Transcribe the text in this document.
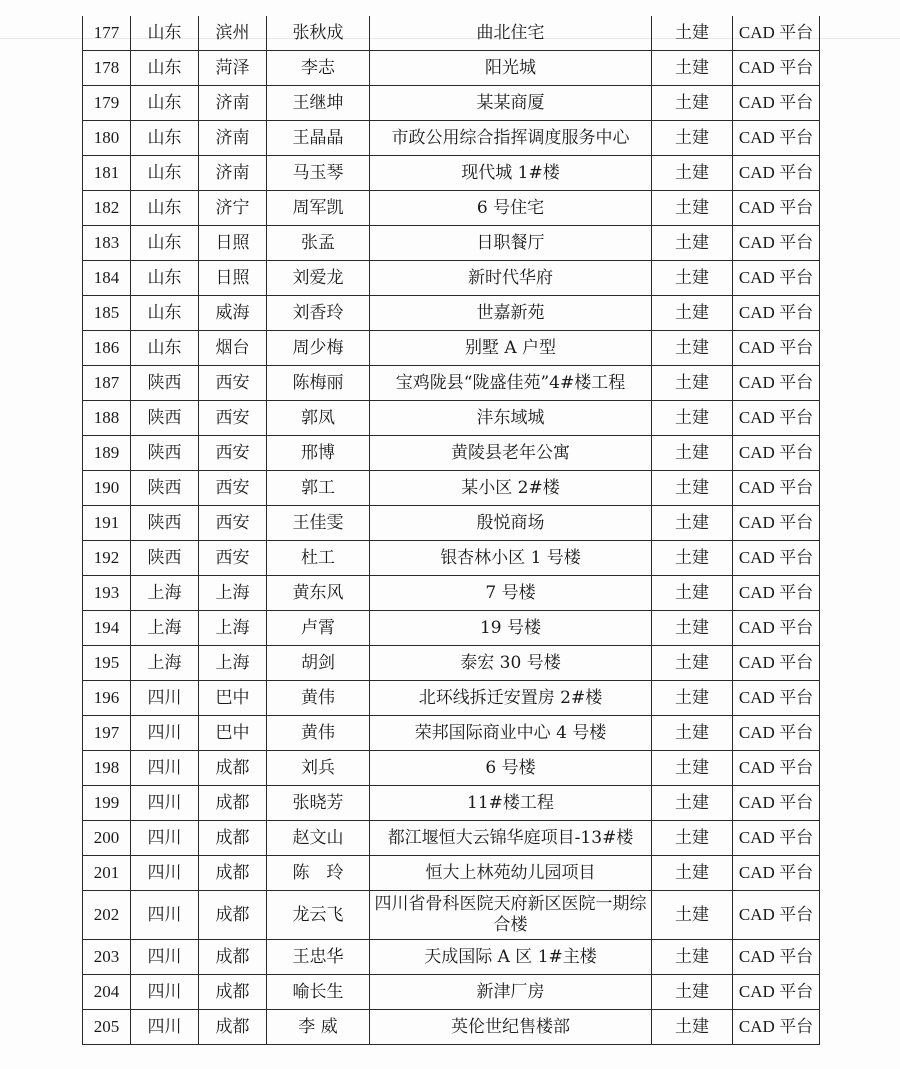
177	山东	滨州	张秋成	曲北住宅	土建	CAD 平台
178	山东	菏泽	李志	阳光城	土建	CAD 平台
179	山东	济南	王继坤	某某商厦	土建	CAD 平台
180	山东	济南	王晶晶	市政公用综合指挥调度服务中心	土建	CAD 平台
181	山东	济南	马玉琴	现代城 1#楼	土建	CAD 平台
182	山东	济宁	周军凯	6 号住宅	土建	CAD 平台
183	山东	日照	张孟	日职餐厅	土建	CAD 平台
184	山东	日照	刘爱龙	新时代华府	土建	CAD 平台
185	山东	威海	刘香玲	世嘉新苑	土建	CAD 平台
186	山东	烟台	周少梅	别墅 A 户型	土建	CAD 平台
187	陕西	西安	陈梅丽	宝鸡陇县“陇盛佳苑”4#楼工程	土建	CAD 平台
188	陕西	西安	郭凤	沣东域城	土建	CAD 平台
189	陕西	西安	邢博	黄陵县老年公寓	土建	CAD 平台
190	陕西	西安	郭工	某小区 2#楼	土建	CAD 平台
191	陕西	西安	王佳雯	殷悦商场	土建	CAD 平台
192	陕西	西安	杜工	银杏林小区 1 号楼	土建	CAD 平台
193	上海	上海	黄东风	7 号楼	土建	CAD 平台
194	上海	上海	卢霄	19 号楼	土建	CAD 平台
195	上海	上海	胡剑	泰宏 30 号楼	土建	CAD 平台
196	四川	巴中	黄伟	北环线拆迁安置房 2#楼	土建	CAD 平台
197	四川	巴中	黄伟	荣邦国际商业中心 4 号楼	土建	CAD 平台
198	四川	成都	刘兵	6 号楼	土建	CAD 平台
199	四川	成都	张晓芳	11#楼工程	土建	CAD 平台
200	四川	成都	赵文山	都江堰恒大云锦华庭项目-13#楼	土建	CAD 平台
201	四川	成都	陈　玲	恒大上林苑幼儿园项目	土建	CAD 平台
202	四川	成都	龙云飞	四川省骨科医院天府新区医院一期综合楼	土建	CAD 平台
203	四川	成都	王忠华	天成国际 A 区 1#主楼	土建	CAD 平台
204	四川	成都	喻长生	新津厂房	土建	CAD 平台
205	四川	成都	李 威	英伦世纪售楼部	土建	CAD 平台
